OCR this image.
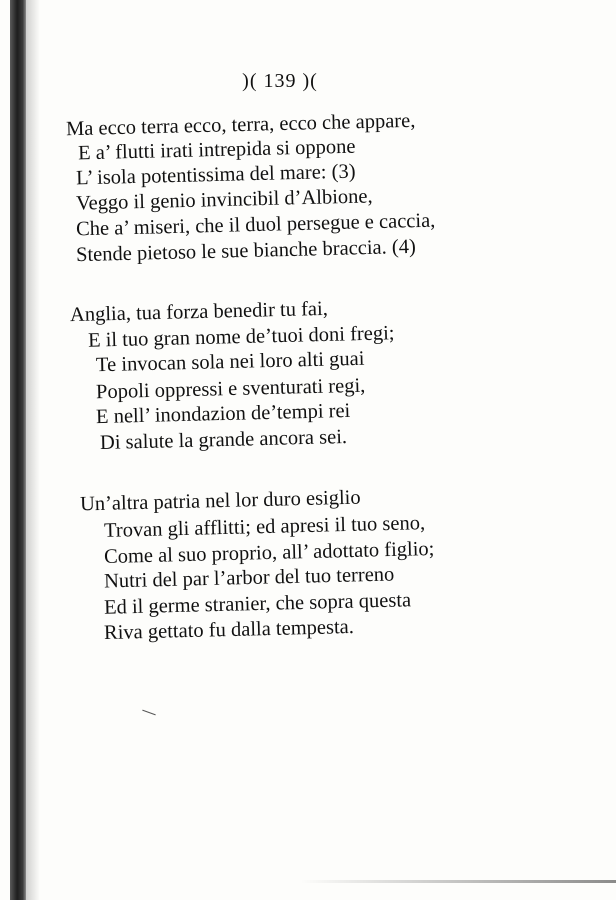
)( 139 )(
Ma ecco terra ecco, terra, ecco che appare,
E a’ flutti irati intrepida si oppone
L’ isola potentissima del mare: (3)
Veggo il genio invincibil d’Albione,
Che a’ miseri, che il duol persegue e caccia,
Stende pietoso le sue bianche braccia. (4)
Anglia, tua forza benedir tu fai,
E il tuo gran nome de’tuoi doni fregi;
Te invocan sola nei loro alti guai
Popoli oppressi e sventurati regi,
E nell’ inondazion de’tempi rei
Di salute la grande ancora sei.
Un’altra patria nel lor duro esiglio
Trovan gli afflitti; ed apresi il tuo seno,
Come al suo proprio, all’ adottato figlio;
Nutri del par l’arbor del tuo terreno
Ed il germe stranier, che sopra questa
Riva gettato fu dalla tempesta.
